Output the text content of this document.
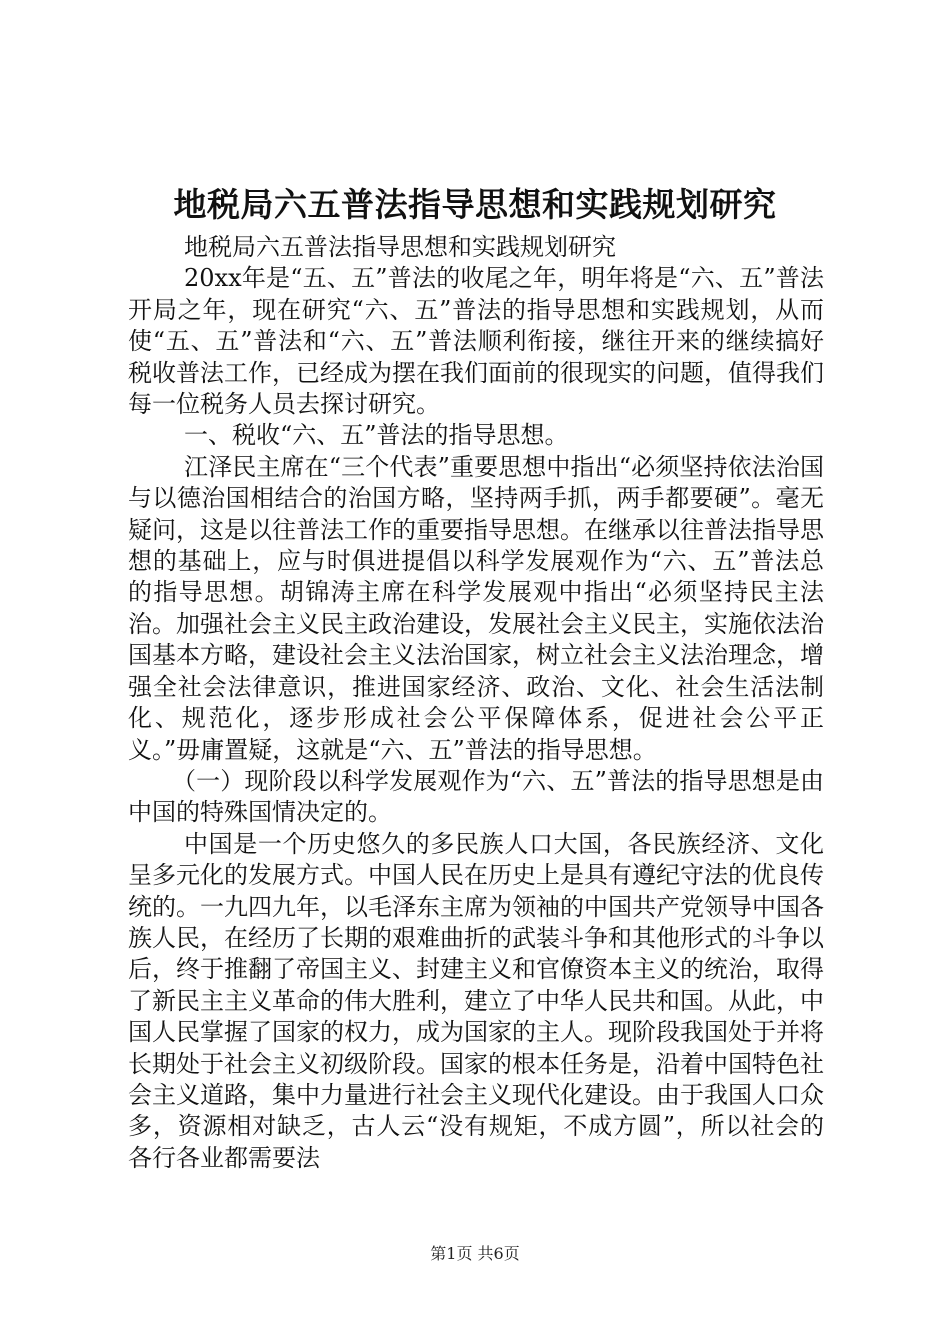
地税局六五普法指导思想和实践规划研究

地税局六五普法指导思想和实践规划研究

20xx年是“五、五”普法的收尾之年，明年将是“六、五”普法开局之年，现在研究“六、五”普法的指导思想和实践规划，从而使“五、五”普法和“六、五”普法顺利衔接，继往开来的继续搞好税收普法工作，已经成为摆在我们面前的很现实的问题，值得我们每一位税务人员去探讨研究。

一、税收“六、五”普法的指导思想。

江泽民主席在“三个代表”重要思想中指出“必须坚持依法治国与以德治国相结合的治国方略，坚持两手抓，两手都要硬”。毫无疑问，这是以往普法工作的重要指导思想。在继承以往普法指导思想的基础上，应与时俱进提倡以科学发展观作为“六、五”普法总的指导思想。胡锦涛主席在科学发展观中指出“必须坚持民主法治。加强社会主义民主政治建设，发展社会主义民主，实施依法治国基本方略，建设社会主义法治国家，树立社会主义法治理念，增强全社会法律意识，推进国家经济、政治、文化、社会生活法制化、规范化，逐步形成社会公平保障体系，促进社会公平正义。”毋庸置疑，这就是“六、五”普法的指导思想。

（一）现阶段以科学发展观作为“六、五”普法的指导思想是由中国的特殊国情决定的。

中国是一个历史悠久的多民族人口大国，各民族经济、文化呈多元化的发展方式。中国人民在历史上是具有遵纪守法的优良传统的。一九四九年，以毛泽东主席为领袖的中国共产党领导中国各族人民，在经历了长期的艰难曲折的武装斗争和其他形式的斗争以后，终于推翻了帝国主义、封建主义和官僚资本主义的统治，取得了新民主主义革命的伟大胜利，建立了中华人民共和国。从此，中国人民掌握了国家的权力，成为国家的主人。现阶段我国处于并将长期处于社会主义初级阶段。国家的根本任务是，沿着中国特色社会主义道路，集中力量进行社会主义现代化建设。由于我国人口众多，资源相对缺乏，古人云“没有规矩，不成方圆”，所以社会的各行各业都需要法

第1页 共6页
